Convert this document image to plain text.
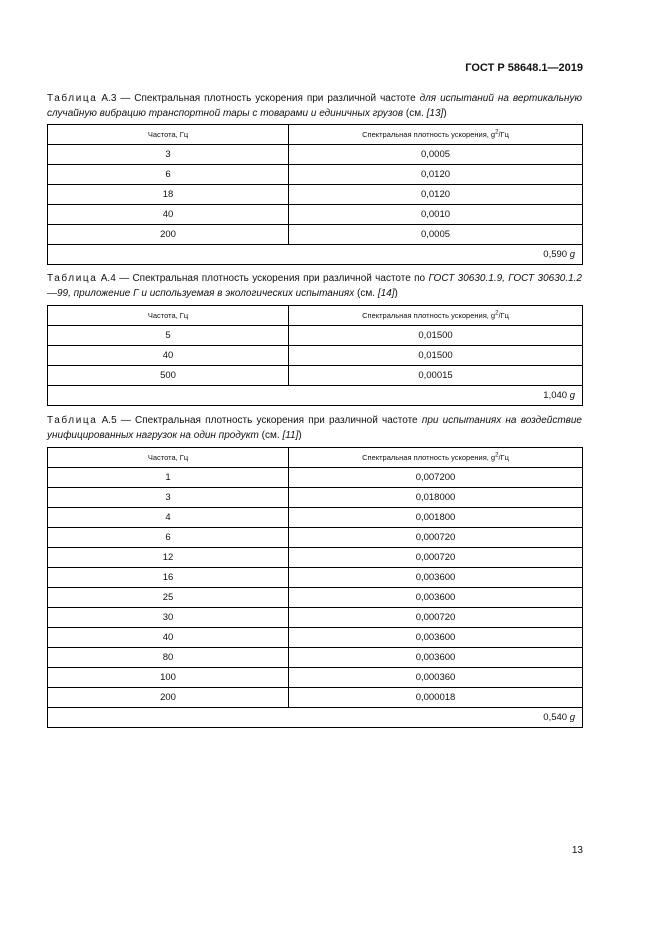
ГОСТ Р 58648.1—2019
Таблица А.3 — Спектральная плотность ускорения при различной частоте для испытаний на вертикальную случайную вибрацию транспортной тары с товарами и единичных грузов (см. [13])
Частота, Гц	Спектральная плотность ускорения, $g^2/Гц$
3	0,0005
6	0,0120
18	0,0120
40	0,0010
200	0,0005
0,590 g	
Таблица А.4 — Спектральная плотность ускорения при различной частоте по ГОСТ 30630.1.9, ГОСТ 30630.1.2—99, приложение Г и используемая в экологических испытаниях (см. [14])
Частота, Гц	Спектральная плотность ускорения, $g^2/Гц$
5	0,01500
40	0,01500
500	0,00015
1,040 g	
Таблица А.5 — Спектральная плотность ускорения при различной частоте при испытаниях на воздействие унифицированных нагрузок на один продукт (см. [11])
Частота, Гц	Спектральная плотность ускорения, $g^2/Гц$
1	0,007200
3	0,018000
4	0,001800
6	0,000720
12	0,000720
16	0,003600
25	0,003600
30	0,000720
40	0,003600
80	0,003600
100	0,000360
200	0,000018
0,540 g	
13
